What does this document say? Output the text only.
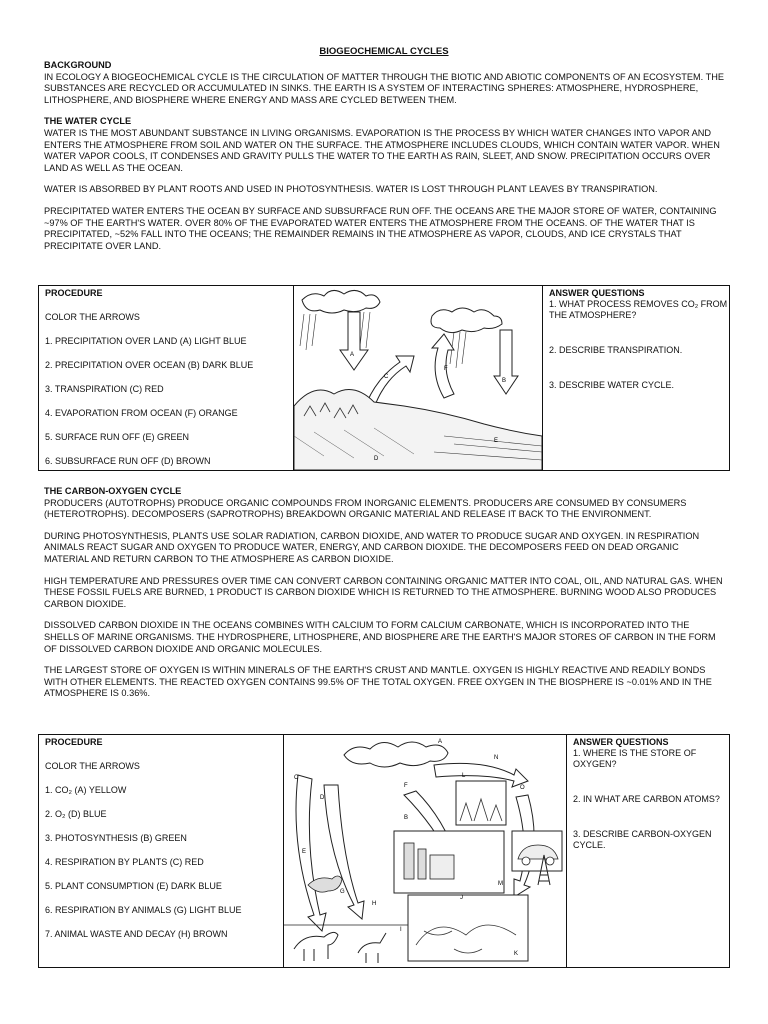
BIOGEOCHEMICAL CYCLES
BACKGROUND

IN ECOLOGY A BIOGEOCHEMICAL CYCLE IS THE CIRCULATION OF MATTER THROUGH THE BIOTIC AND ABIOTIC COMPONENTS OF AN ECOSYSTEM. THE SUBSTANCES ARE RECYCLED OR ACCUMULATED IN SINKS. THE EARTH IS A SYSTEM OF INTERACTING SPHERES: ATMOSPHERE, HYDROSPHERE, LITHOSPHERE, AND BIOSPHERE WHERE ENERGY AND MASS ARE CYCLED BETWEEN THEM.

THE WATER CYCLE

WATER IS THE MOST ABUNDANT SUBSTANCE IN LIVING ORGANISMS. EVAPORATION IS THE PROCESS BY WHICH WATER CHANGES INTO VAPOR AND ENTERS THE ATMOSPHERE FROM SOIL AND WATER ON THE SURFACE. THE ATMOSPHERE INCLUDES CLOUDS, WHICH CONTAIN WATER VAPOR. WHEN WATER VAPOR COOLS, IT CONDENSES AND GRAVITY PULLS THE WATER TO THE EARTH AS RAIN, SLEET, AND SNOW. PRECIPITATION OCCURS OVER LAND AS WELL AS THE OCEAN.

WATER IS ABSORBED BY PLANT ROOTS AND USED IN PHOTOSYNTHESIS. WATER IS LOST THROUGH PLANT LEAVES BY TRANSPIRATION.

PRECIPITATED WATER ENTERS THE OCEAN BY SURFACE AND SUBSURFACE RUN OFF. THE OCEANS ARE THE MAJOR STORE OF WATER, CONTAINING ~97% OF THE EARTH'S WATER. OVER 80% OF THE EVAPORATED WATER ENTERS THE ATMOSPHERE FROM THE OCEANS. OF THE WATER THAT IS PRECIPITATED, ~52% FALL INTO THE OCEANS; THE REMAINDER REMAINS IN THE ATMOSPHERE AS VAPOR, CLOUDS, AND ICE CRYSTALS THAT PRECIPITATE OVER LAND.

PROCEDURE
COLOR THE ARROWS
1. PRECIPITATION OVER LAND (A) LIGHT BLUE
2. PRECIPITATION OVER OCEAN (B) DARK BLUE
3. TRANSPIRATION (C) RED
4. EVAPORATION FROM OCEAN (F) ORANGE
5. SURFACE RUN OFF (E) GREEN
6. SUBSURFACE RUN OFF (D) BROWN

A
B
C
D
E
F

ANSWER QUESTIONS
1. WHAT PROCESS REMOVES CO₂ FROM THE ATMOSPHERE?
2. DESCRIBE TRANSPIRATION.
3. DESCRIBE WATER CYCLE.
THE CARBON-OXYGEN CYCLE

PRODUCERS (AUTOTROPHS) PRODUCE ORGANIC COMPOUNDS FROM INORGANIC ELEMENTS. PRODUCERS ARE CONSUMED BY CONSUMERS (HETEROTROPHS). DECOMPOSERS (SAPROTROPHS) BREAKDOWN ORGANIC MATERIAL AND RELEASE IT BACK TO THE ENVIRONMENT.

DURING PHOTOSYNTHESIS, PLANTS USE SOLAR RADIATION, CARBON DIOXIDE, AND WATER TO PRODUCE SUGAR AND OXYGEN. IN RESPIRATION ANIMALS REACT SUGAR AND OXYGEN TO PRODUCE WATER, ENERGY, AND CARBON DIOXIDE. THE DECOMPOSERS FEED ON DEAD ORGANIC MATERIAL AND RETURN CARBON TO THE ATMOSPHERE AS CARBON DIOXIDE.

HIGH TEMPERATURE AND PRESSURES OVER TIME CAN CONVERT CARBON CONTAINING ORGANIC MATTER INTO COAL, OIL, AND NATURAL GAS. WHEN THESE FOSSIL FUELS ARE BURNED, 1 PRODUCT IS CARBON DIOXIDE WHICH IS RETURNED TO THE ATMOSPHERE. BURNING WOOD ALSO PRODUCES CARBON DIOXIDE.

DISSOLVED CARBON DIOXIDE IN THE OCEANS COMBINES WITH CALCIUM TO FORM CALCIUM CARBONATE, WHICH IS INCORPORATED INTO THE SHELLS OF MARINE ORGANISMS. THE HYDROSPHERE, LITHOSPHERE, AND BIOSPHERE ARE THE EARTH'S MAJOR STORES OF CARBON IN THE FORM OF DISSOLVED CARBON DIOXIDE AND ORGANIC MOLECULES.

THE LARGEST STORE OF OXYGEN IS WITHIN MINERALS OF THE EARTH'S CRUST AND MANTLE. OXYGEN IS HIGHLY REACTIVE AND READILY BONDS WITH OTHER ELEMENTS. THE REACTED OXYGEN CONTAINS 99.5% OF THE TOTAL OXYGEN. FREE OXYGEN IN THE BIOSPHERE IS ~0.01% AND IN THE ATMOSPHERE IS 0.36%.

PROCEDURE
COLOR THE ARROWS
1. CO₂ (A) YELLOW
2. O₂ (D) BLUE
3. PHOTOSYNTHESIS (B) GREEN
4. RESPIRATION BY PLANTS (C) RED
5. PLANT CONSUMPTION (E) DARK BLUE
6. RESPIRATION BY ANIMALS (G) LIGHT BLUE
7. ANIMAL WASTE AND DECAY (H) BROWN

A
B
C
D
E
F
G
H
I
J
K
L
M
N
O

ANSWER QUESTIONS
1. WHERE IS THE STORE OF OXYGEN?
2. IN WHAT ARE CARBON ATOMS?
3. DESCRIBE CARBON-OXYGEN CYCLE.
